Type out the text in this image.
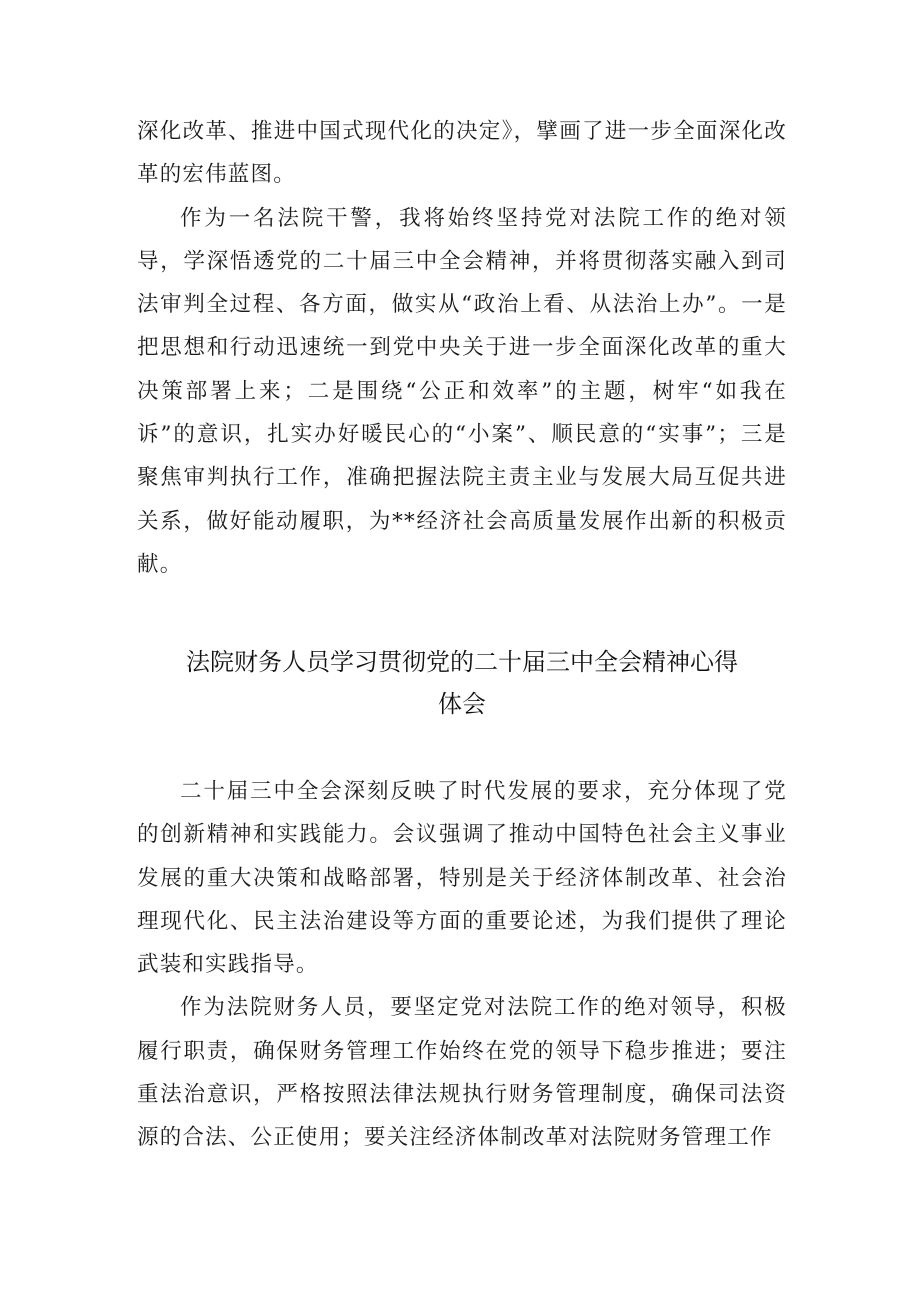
深化改革、推进中国式现代化的决定》，擘画了进一步全面深化改革的宏伟蓝图。

作为一名法院干警，我将始终坚持党对法院工作的绝对领导，学深悟透党的二十届三中全会精神，并将贯彻落实融入到司法审判全过程、各方面，做实从“政治上看、从法治上办”。一是把思想和行动迅速统一到党中央关于进一步全面深化改革的重大决策部署上来；二是围绕“公正和效率”的主题，树牢“如我在诉”的意识，扎实办好暖民心的“小案”、顺民意的“实事”；三是聚焦审判执行工作，准确把握法院主责主业与发展大局互促共进关系，做好能动履职，为**经济社会高质量发展作出新的积极贡献。

法院财务人员学习贯彻党的二十届三中全会精神心得
体会

二十届三中全会深刻反映了时代发展的要求，充分体现了党的创新精神和实践能力。会议强调了推动中国特色社会主义事业发展的重大决策和战略部署，特别是关于经济体制改革、社会治理现代化、民主法治建设等方面的重要论述，为我们提供了理论武装和实践指导。

作为法院财务人员，要坚定党对法院工作的绝对领导，积极履行职责，确保财务管理工作始终在党的领导下稳步推进；要注重法治意识，严格按照法律法规执行财务管理制度，确保司法资源的合法、公正使用；要关注经济体制改革对法院财务管理工作
